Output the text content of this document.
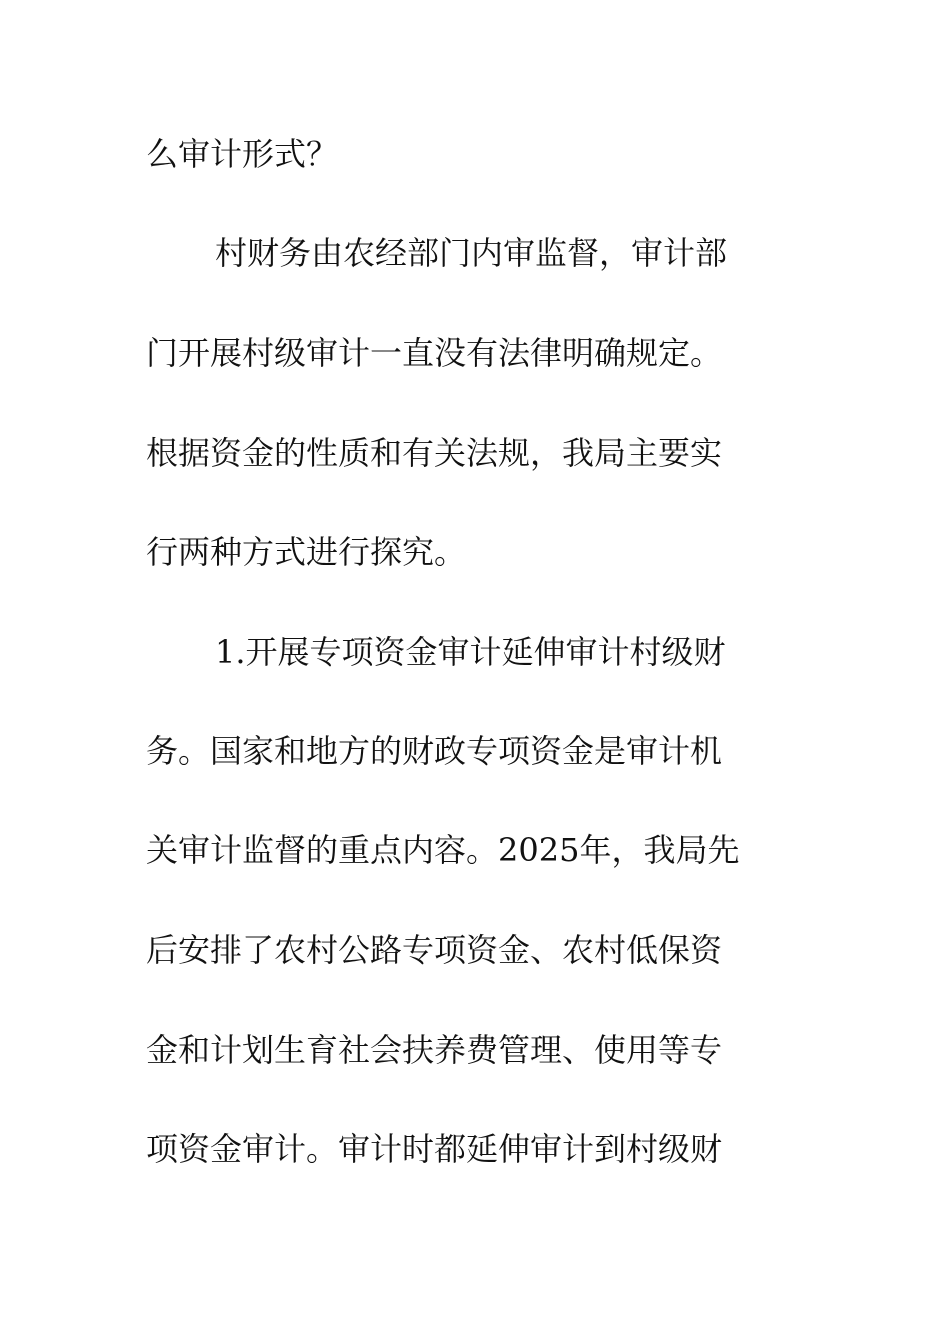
么审计形式？
村财务由农经部门内审监督，审计部
门开展村级审计一直没有法律明确规定。
根据资金的性质和有关法规，我局主要实
行两种方式进行探究。
1.开展专项资金审计延伸审计村级财
务。国家和地方的财政专项资金是审计机
关审计监督的重点内容。2025年，我局先
后安排了农村公路专项资金、农村低保资
金和计划生育社会扶养费管理、使用等专
项资金审计。审计时都延伸审计到村级财
